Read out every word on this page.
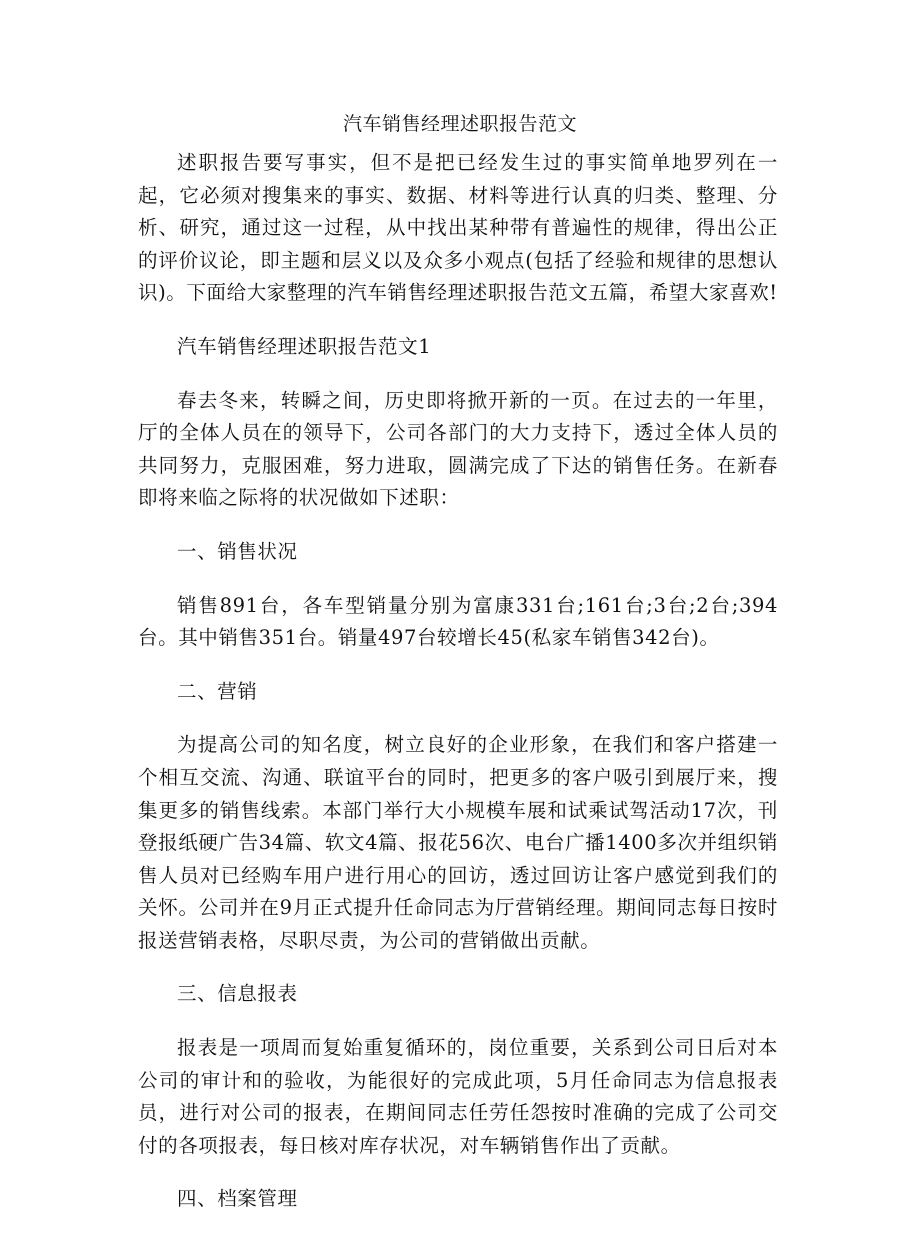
汽车销售经理述职报告范文

述职报告要写事实，但不是把已经发生过的事实简单地罗列在一起，它必须对搜集来的事实、数据、材料等进行认真的归类、整理、分析、研究，通过这一过程，从中找出某种带有普遍性的规律，得出公正的评价议论，即主题和层义以及众多小观点(包括了经验和规律的思想认识)。下面给大家整理的汽车销售经理述职报告范文五篇，希望大家喜欢!

汽车销售经理述职报告范文1

春去冬来，转瞬之间，历史即将掀开新的一页。在过去的一年里，厅的全体人员在的领导下，公司各部门的大力支持下，透过全体人员的共同努力，克服困难，努力进取，圆满完成了下达的销售任务。在新春即将来临之际将的状况做如下述职：

一、销售状况

销售891台，各车型销量分别为富康331台;161台;3台;2台;394台。其中销售351台。销量497台较增长45(私家车销售342台)。

二、营销

为提高公司的知名度，树立良好的企业形象，在我们和客户搭建一个相互交流、沟通、联谊平台的同时，把更多的客户吸引到展厅来，搜集更多的销售线索。本部门举行大小规模车展和试乘试驾活动17次，刊登报纸硬广告34篇、软文4篇、报花56次、电台广播1400多次并组织销售人员对已经购车用户进行用心的回访，透过回访让客户感觉到我们的关怀。公司并在9月正式提升任命同志为厅营销经理。期间同志每日按时报送营销表格，尽职尽责，为公司的营销做出贡献。

三、信息报表

报表是一项周而复始重复循环的，岗位重要，关系到公司日后对本公司的审计和的验收，为能很好的完成此项，5月任命同志为信息报表员，进行对公司的报表，在期间同志任劳任怨按时准确的完成了公司交付的各项报表，每日核对库存状况，对车辆销售作出了贡献。

四、档案管理
